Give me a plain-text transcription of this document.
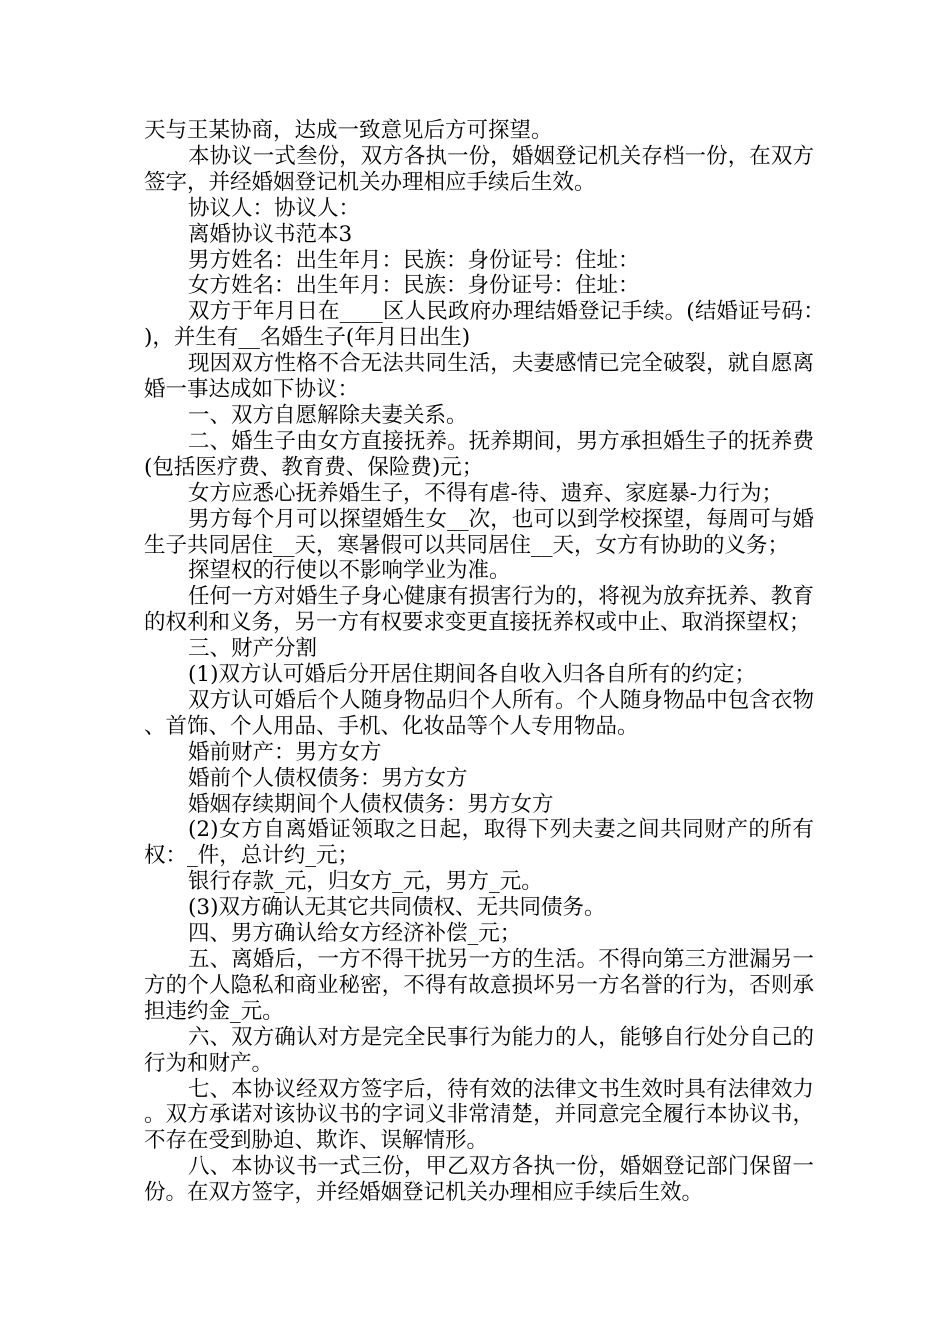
天与王某协商，达成一致意见后方可探望。

本协议一式叁份，双方各执一份，婚姻登记机关存档一份，在双方签字，并经婚姻登记机关办理相应手续后生效。

协议人：协议人：

离婚协议书范本3

男方姓名：出生年月：民族：身份证号：住址：

女方姓名：出生年月：民族：身份证号：住址：

双方于年月日在____区人民政府办理结婚登记手续。(结婚证号码：)，并生有__名婚生子(年月日出生)

现因双方性格不合无法共同生活，夫妻感情已完全破裂，就自愿离婚一事达成如下协议：

一、双方自愿解除夫妻关系。

二、婚生子由女方直接抚养。抚养期间，男方承担婚生子的抚养费(包括医疗费、教育费、保险费)元；

女方应悉心抚养婚生子，不得有虐-待、遗弃、家庭暴-力行为；

男方每个月可以探望婚生女__次，也可以到学校探望，每周可与婚生子共同居住__天，寒暑假可以共同居住__天，女方有协助的义务；

探望权的行使以不影响学业为准。

任何一方对婚生子身心健康有损害行为的，将视为放弃抚养、教育的权利和义务，另一方有权要求变更直接抚养权或中止、取消探望权；

三、财产分割

(1)双方认可婚后分开居住期间各自收入归各自所有的约定；

双方认可婚后个人随身物品归个人所有。个人随身物品中包含衣物、首饰、个人用品、手机、化妆品等个人专用物品。

婚前财产：男方女方

婚前个人债权债务：男方女方

婚姻存续期间个人债权债务：男方女方

(2)女方自离婚证领取之日起，取得下列夫妻之间共同财产的所有权：_件，总计约_元；

银行存款_元，归女方_元，男方_元。

(3)双方确认无其它共同债权、无共同债务。

四、男方确认给女方经济补偿_元；

五、离婚后，一方不得干扰另一方的生活。不得向第三方泄漏另一方的个人隐私和商业秘密，不得有故意损坏另一方名誉的行为，否则承担违约金_元。

六、双方确认对方是完全民事行为能力的人，能够自行处分自己的行为和财产。

七、本协议经双方签字后，待有效的法律文书生效时具有法律效力。双方承诺对该协议书的字词义非常清楚，并同意完全履行本协议书，不存在受到胁迫、欺诈、误解情形。

八、本协议书一式三份，甲乙双方各执一份，婚姻登记部门保留一份。在双方签字，并经婚姻登记机关办理相应手续后生效。
